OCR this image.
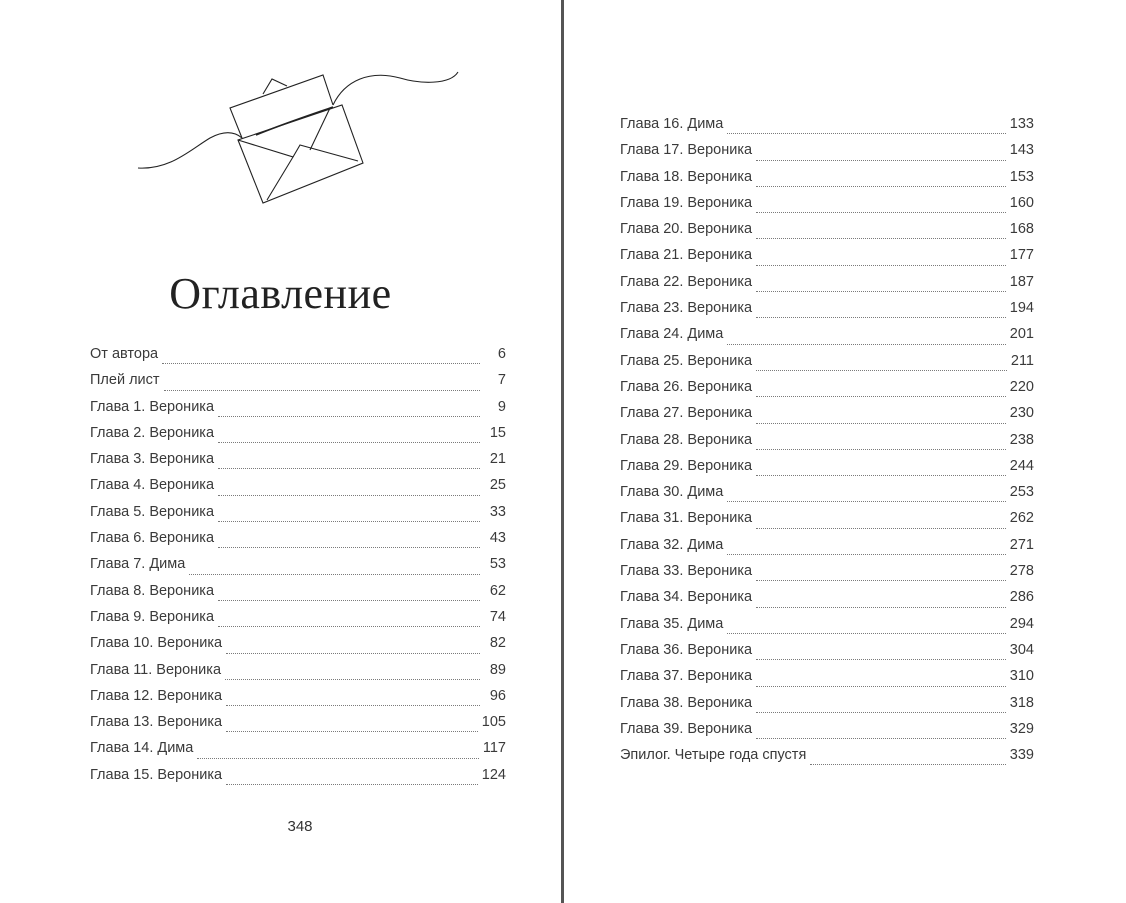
Оглавление
От автора	6
Плей лист	7
Глава 1. Вероника	9
Глава 2. Вероника	15
Глава 3. Вероника	21
Глава 4. Вероника	25
Глава 5. Вероника	33
Глава 6. Вероника	43
Глава 7. Дима	53
Глава 8. Вероника	62
Глава 9. Вероника	74
Глава 10. Вероника	82
Глава 11. Вероника	89
Глава 12. Вероника	96
Глава 13. Вероника	105
Глава 14. Дима	117
Глава 15. Вероника	124
348
Глава 16. Дима	133
Глава 17. Вероника	143
Глава 18. Вероника	153
Глава 19. Вероника	160
Глава 20. Вероника	168
Глава 21. Вероника	177
Глава 22. Вероника	187
Глава 23. Вероника	194
Глава 24. Дима	201
Глава 25. Вероника	211
Глава 26. Вероника	220
Глава 27. Вероника	230
Глава 28. Вероника	238
Глава 29. Вероника	244
Глава 30. Дима	253
Глава 31. Вероника	262
Глава 32. Дима	271
Глава 33. Вероника	278
Глава 34. Вероника	286
Глава 35. Дима	294
Глава 36. Вероника	304
Глава 37. Вероника	310
Глава 38. Вероника	318
Глава 39. Вероника	329
Эпилог. Четыре года спустя	339
